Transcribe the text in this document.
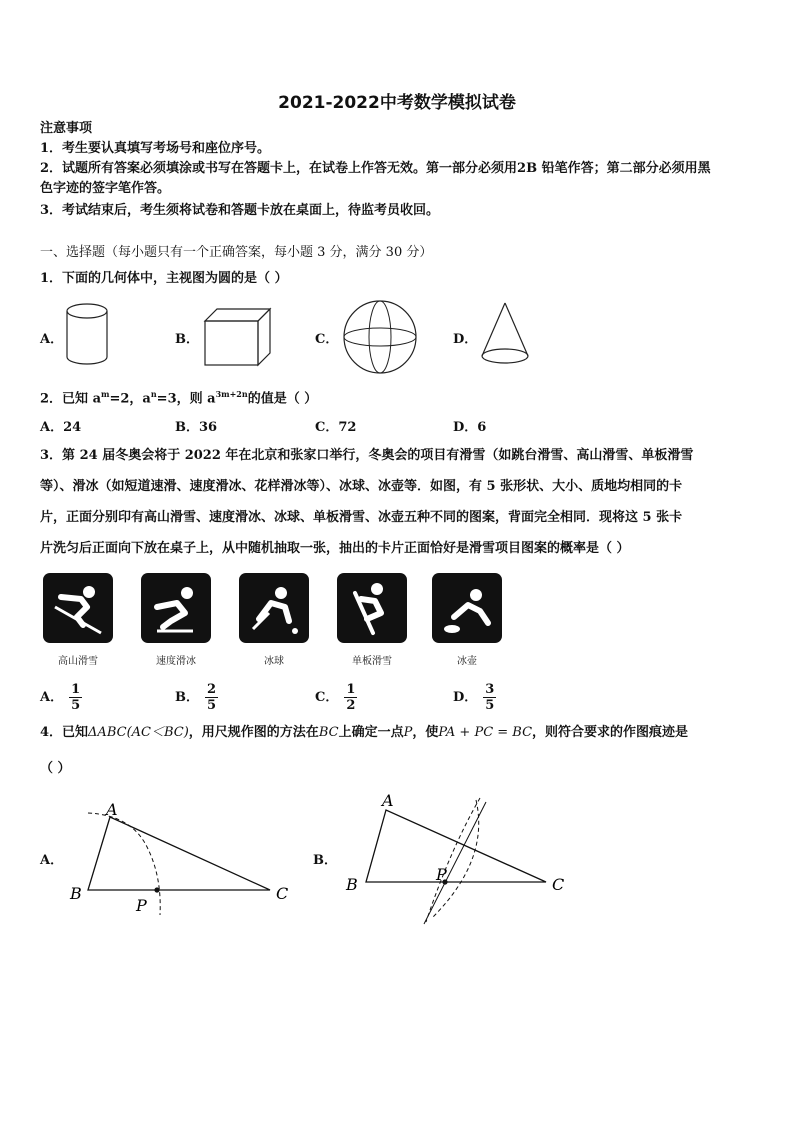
2021-2022中考数学模拟试卷
注意事项
1．考生要认真填写考场号和座位序号。
2．试题所有答案必须填涂或书写在答题卡上，在试卷上作答无效。第一部分必须用2B 铅笔作答；第二部分必须用黑
色字迹的签字笔作答。
3．考试结束后，考生须将试卷和答题卡放在桌面上，待监考员收回。
一、选择题（每小题只有一个正确答案，每小题 3 分，满分 30 分）
1．下面的几何体中，主视图为圆的是（ ）
A．	B．	C．	D．
2．已知 $a^m=2$，$a^n=3$，则 $a^{3m+2n}$的值是（ ）
A．24	B．36	C．72	D．6
3．第 24 届冬奥会将于 2022 年在北京和张家口举行，冬奥会的项目有滑雪（如跳台滑雪、高山滑雪、单板滑雪
等）、滑冰（如短道速滑、速度滑冰、花样滑冰等）、冰球、冰壶等．如图，有 5 张形状、大小、质地均相同的卡
片，正面分别印有高山滑雪、速度滑冰、冰球、单板滑雪、冰壶五种不同的图案，背面完全相同．现将这 5 张卡
片洗匀后正面向下放在桌子上，从中随机抽取一张，抽出的卡片正面恰好是滑雪项目图案的概率是（ ）
高山滑雪	速度滑冰	冰球	单板滑雪	冰壶
A． $\frac{1}{5}$	B． $\frac{2}{5}$	C． $\frac{1}{2}$	D． $\frac{3}{5}$
4．已知ΔABC(AC＜BC)，用尺规作图的方法在BC上确定一点P，使PA + PC = BC，则符合要求的作图痕迹是
（ ）
A．
A
B
P
C
B．
A
B
P
C
